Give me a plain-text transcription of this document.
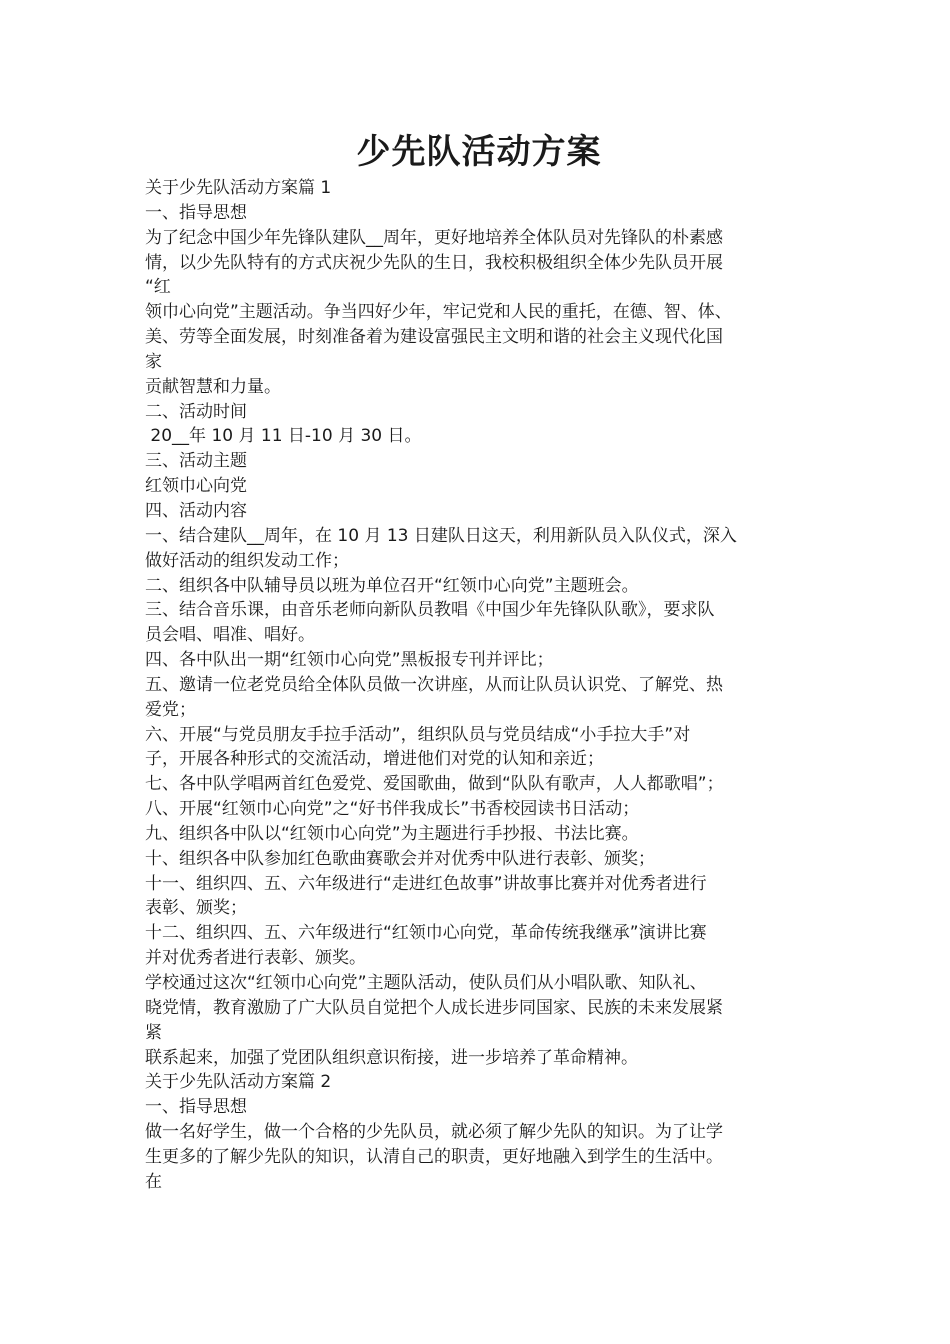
少先队活动方案
关于少先队活动方案篇 1
一、指导思想
为了纪念中国少年先锋队建队__周年，更好地培养全体队员对先锋队的朴素感
情，以少先队特有的方式庆祝少先队的生日，我校积极组织全体少先队员开展
“红
领巾心向党”主题活动。争当四好少年，牢记党和人民的重托，在德、智、体、
美、劳等全面发展，时刻准备着为建设富强民主文明和谐的社会主义现代化国
家
贡献智慧和力量。
二、活动时间
20__年 10 月 11 日-10 月 30 日。
三、活动主题
红领巾心向党
四、活动内容
一、结合建队__周年，在 10 月 13 日建队日这天，利用新队员入队仪式，深入
做好活动的组织发动工作；
二、组织各中队辅导员以班为单位召开“红领巾心向党”主题班会。
三、结合音乐课，由音乐老师向新队员教唱《中国少年先锋队队歌》，要求队
员会唱、唱准、唱好。
四、各中队出一期“红领巾心向党”黑板报专刊并评比；
五、邀请一位老党员给全体队员做一次讲座，从而让队员认识党、了解党、热
爱党；
六、开展“与党员朋友手拉手活动”，组织队员与党员结成“小手拉大手”对
子，开展各种形式的交流活动，增进他们对党的认知和亲近；
七、各中队学唱两首红色爱党、爱国歌曲，做到“队队有歌声，人人都歌唱”；
八、开展“红领巾心向党”之“好书伴我成长”书香校园读书日活动；
九、组织各中队以“红领巾心向党”为主题进行手抄报、书法比赛。
十、组织各中队参加红色歌曲赛歌会并对优秀中队进行表彰、颁奖；
十一、组织四、五、六年级进行“走进红色故事”讲故事比赛并对优秀者进行
表彰、颁奖；
十二、组织四、五、六年级进行“红领巾心向党，革命传统我继承”演讲比赛
并对优秀者进行表彰、颁奖。
学校通过这次“红领巾心向党”主题队活动，使队员们从小唱队歌、知队礼、
晓党情，教育激励了广大队员自觉把个人成长进步同国家、民族的未来发展紧
紧
联系起来，加强了党团队组织意识衔接，进一步培养了革命精神。
关于少先队活动方案篇 2
一、指导思想
做一名好学生，做一个合格的少先队员，就必须了解少先队的知识。为了让学
生更多的了解少先队的知识，认清自己的职责，更好地融入到学生的生活中。
在
